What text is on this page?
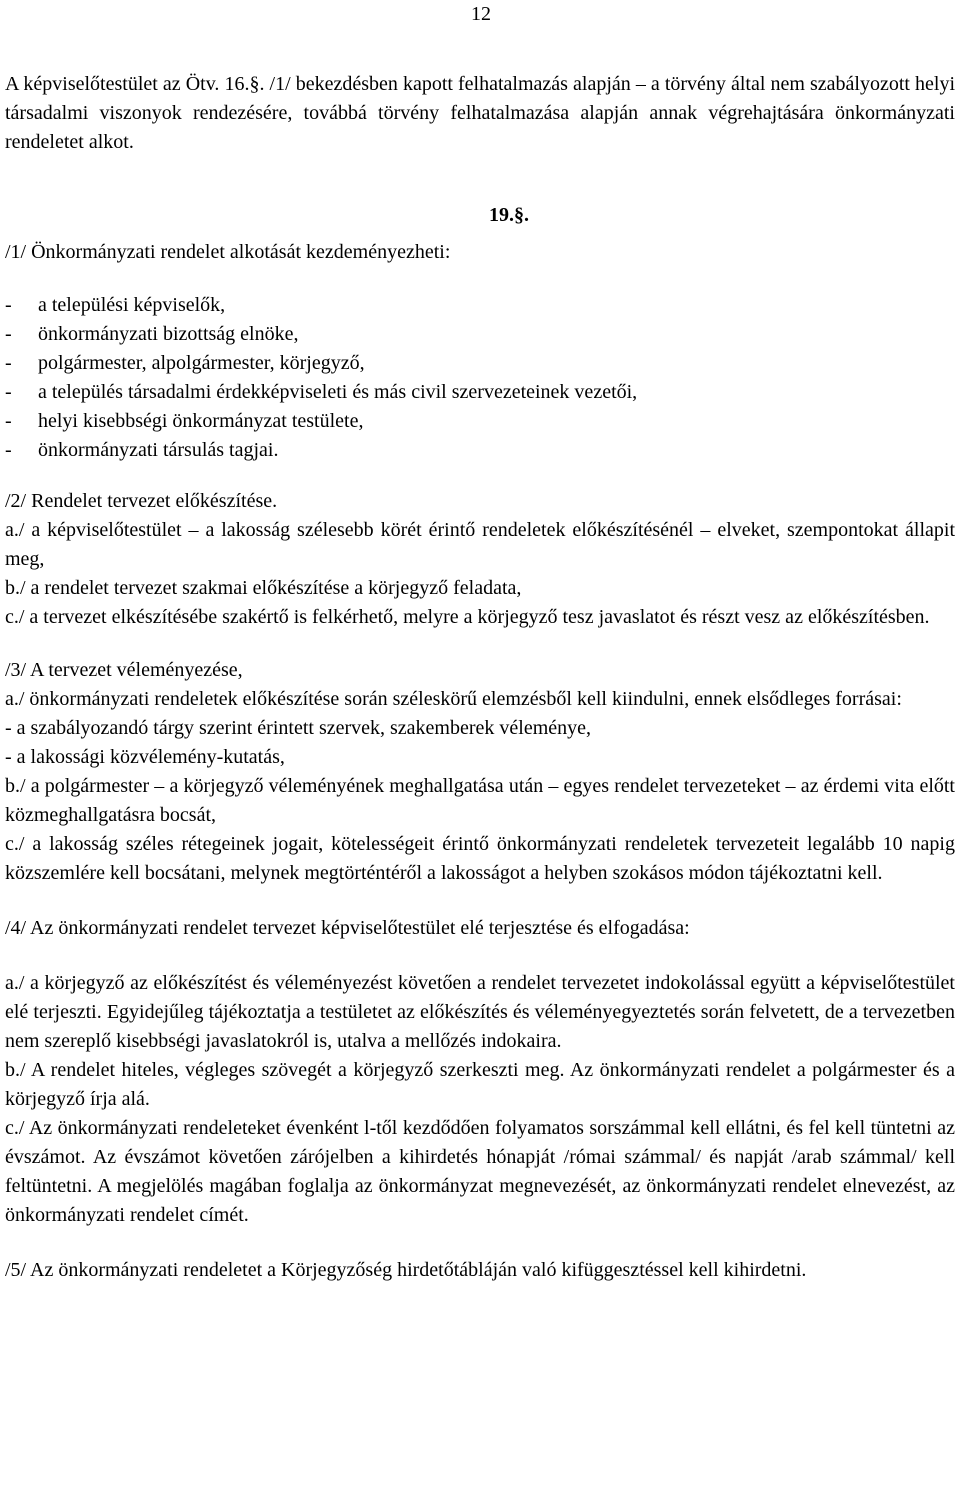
12

A képviselőtestület az Ötv. 16.§. /1/ bekezdésben kapott felhatalmazás alapján – a törvény által nem szabályozott helyi társadalmi viszonyok rendezésére, továbbá törvény felhatalmazása alapján annak végrehajtására önkormányzati rendeletet alkot.

19.§.

/1/ Önkormányzati rendelet alkotását kezdeményezheti:

-	a települési képviselők,
-	önkormányzati bizottság elnöke,
-	polgármester, alpolgármester, körjegyző,
-	a település társadalmi érdekképviseleti és más civil szervezeteinek vezetői,
-	helyi kisebbségi önkormányzat testülete,
-	önkormányzati társulás tagjai.

/2/ Rendelet tervezet előkészítése.

a./ a képviselőtestület – a lakosság szélesebb körét érintő rendeletek előkészítésénél – elveket, szempontokat állapit meg,

b./ a rendelet tervezet szakmai előkészítése a körjegyző feladata,

c./ a tervezet elkészítésébe szakértő is felkérhető, melyre a körjegyző tesz javaslatot és részt vesz az előkészítésben.

/3/ A tervezet véleményezése,

a./ önkormányzati rendeletek előkészítése során széleskörű elemzésből kell kiindulni, ennek elsődleges forrásai:

- a szabályozandó tárgy szerint érintett szervek, szakemberek véleménye,

- a lakossági közvélemény-kutatás,

b./ a polgármester – a körjegyző véleményének meghallgatása után – egyes rendelet tervezeteket – az érdemi vita előtt közmeghallgatásra bocsát,

c./ a lakosság széles rétegeinek jogait, kötelességeit érintő önkormányzati rendeletek tervezeteit legalább 10 napig közszemlére kell bocsátani, melynek megtörténtéről a lakosságot a helyben szokásos módon tájékoztatni kell.

/4/ Az önkormányzati rendelet tervezet képviselőtestület elé terjesztése és elfogadása:

a./ a körjegyző az előkészítést és véleményezést követően a rendelet tervezetet indokolással együtt a képviselőtestület elé terjeszti. Egyidejűleg tájékoztatja a testületet az előkészítés és véleményegyeztetés során felvetett, de a tervezetben nem szereplő kisebbségi javaslatokról is, utalva a mellőzés indokaira.

b./ A rendelet hiteles, végleges szövegét a körjegyző szerkeszti meg. Az önkormányzati rendelet a polgármester és a körjegyző írja alá.

c./ Az önkormányzati rendeleteket évenként l-től kezdődően folyamatos sorszámmal kell ellátni, és fel kell tüntetni az évszámot. Az évszámot követően zárójelben a kihirdetés hónapját /római számmal/ és napját /arab számmal/ kell feltüntetni. A megjelölés magában foglalja az önkormányzat megnevezését, az önkormányzati rendelet elnevezést, az önkormányzati rendelet címét.

/5/ Az önkormányzati rendeletet a Körjegyzőség hirdetőtábláján való kifüggesztéssel kell kihirdetni.
